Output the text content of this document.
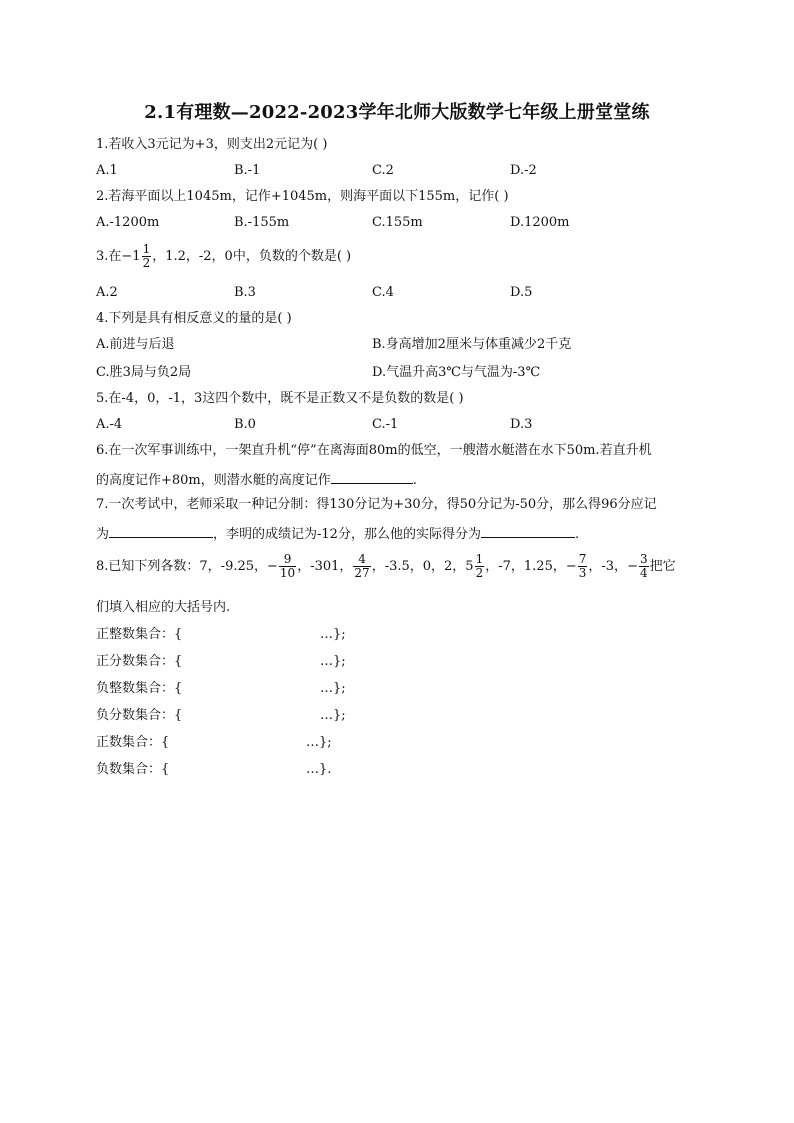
2.1有理数—2022-2023学年北师大版数学七年级上册堂堂练
1.若收入3元记为+3，则支出2元记为( )
A.1	B.-1	C.2	D.-2
2.若海平面以上1045m，记作+1045m，则海平面以下155m，记作( )
A.-1200m	B.-155m	C.155m	D.1200m
3.在$-1 \frac{1}{2}$ ，1.2，-2，0中，负数的个数是( )
A.2	B.3	C.4	D.5
4.下列是具有相反意义的量的是( )
A.前进与后退	B.身高增加2厘米与体重减少2千克
C.胜3局与负2局	D.气温升高3℃与气温为-3℃
5.在-4，0，-1，3这四个数中，既不是正数又不是负数的数是( )
A.-4	B.0	C.-1	D.3
6.在一次军事训练中，一架直升机“停”在离海面80m的低空，一艘潜水艇潜在水下50m.若直升机
的高度记作+80m，则潜水艇的高度记作	.
7.一次考试中，老师采取一种记分制：得130分记为+30分，得50分记为-50分，那么得96分应记
为	，李明的成绩记为-12分，那么他的实际得分为	.
8.已知下列各数：7，-9.25，− $\frac{9}{10}$ ，-301， $\frac{4}{27}$ ，-3.5，0，2，$5 \frac{1}{2}$ ，-7，1.25，− $\frac{7}{3}$ ，-3，− $\frac{3}{4}$ 把它
们填入相应的大括号内.
正整数集合：{	…};
正分数集合：{	…};
负整数集合：{	…};
负分数集合：{	…};
正数集合：{	…};
负数集合：{	…}.
